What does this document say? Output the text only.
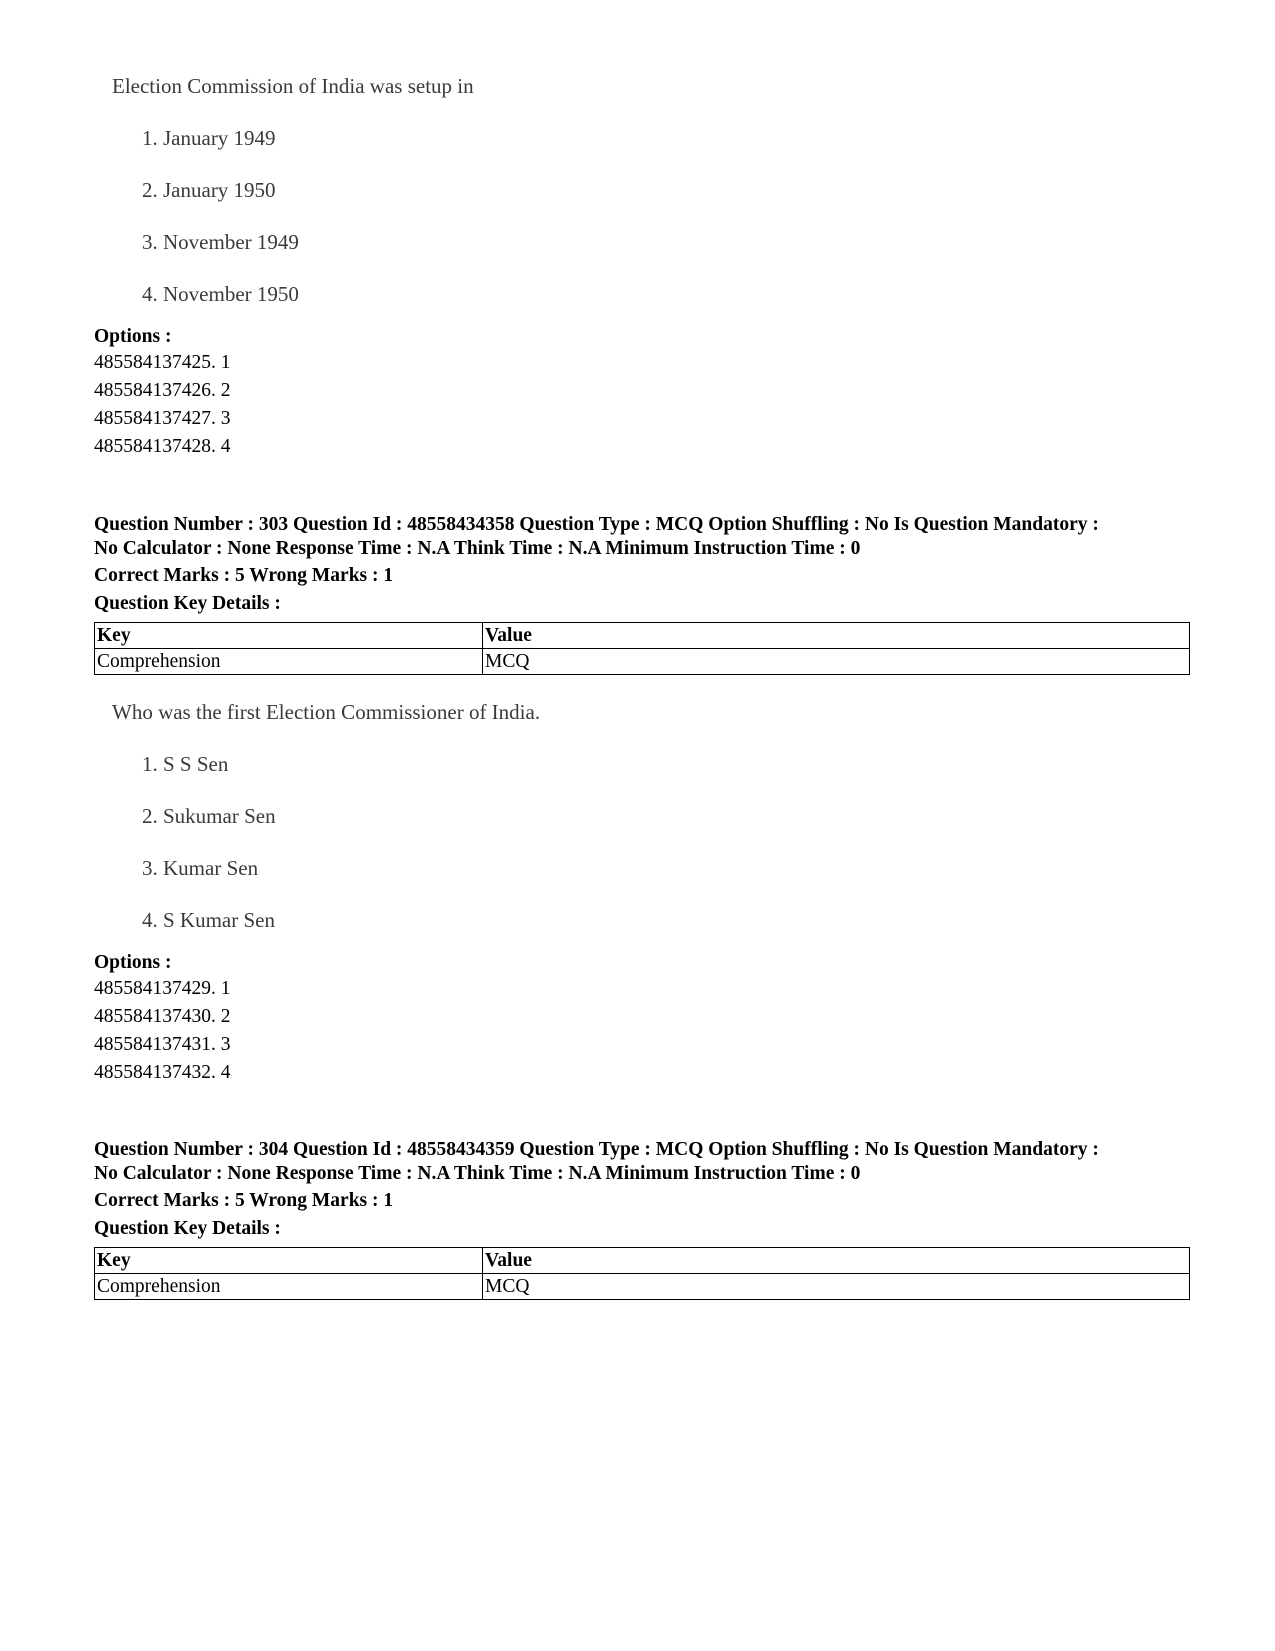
Election Commission of India was setup in
1. January 1949
2. January 1950
3. November 1949
4. November 1950
Options :
485584137425. 1
485584137426. 2
485584137427. 3
485584137428. 4
Question Number : 303 Question Id : 48558434358 Question Type : MCQ Option Shuffling : No Is Question Mandatory :
No Calculator : None Response Time : N.A Think Time : N.A Minimum Instruction Time : 0
Correct Marks : 5 Wrong Marks : 1
Question Key Details :
Key	Value
Comprehension	MCQ
Who was the first Election Commissioner of India.
1. S S Sen
2. Sukumar Sen
3. Kumar Sen
4. S Kumar Sen
Options :
485584137429. 1
485584137430. 2
485584137431. 3
485584137432. 4
Question Number : 304 Question Id : 48558434359 Question Type : MCQ Option Shuffling : No Is Question Mandatory :
No Calculator : None Response Time : N.A Think Time : N.A Minimum Instruction Time : 0
Correct Marks : 5 Wrong Marks : 1
Question Key Details :
Key	Value
Comprehension	MCQ
